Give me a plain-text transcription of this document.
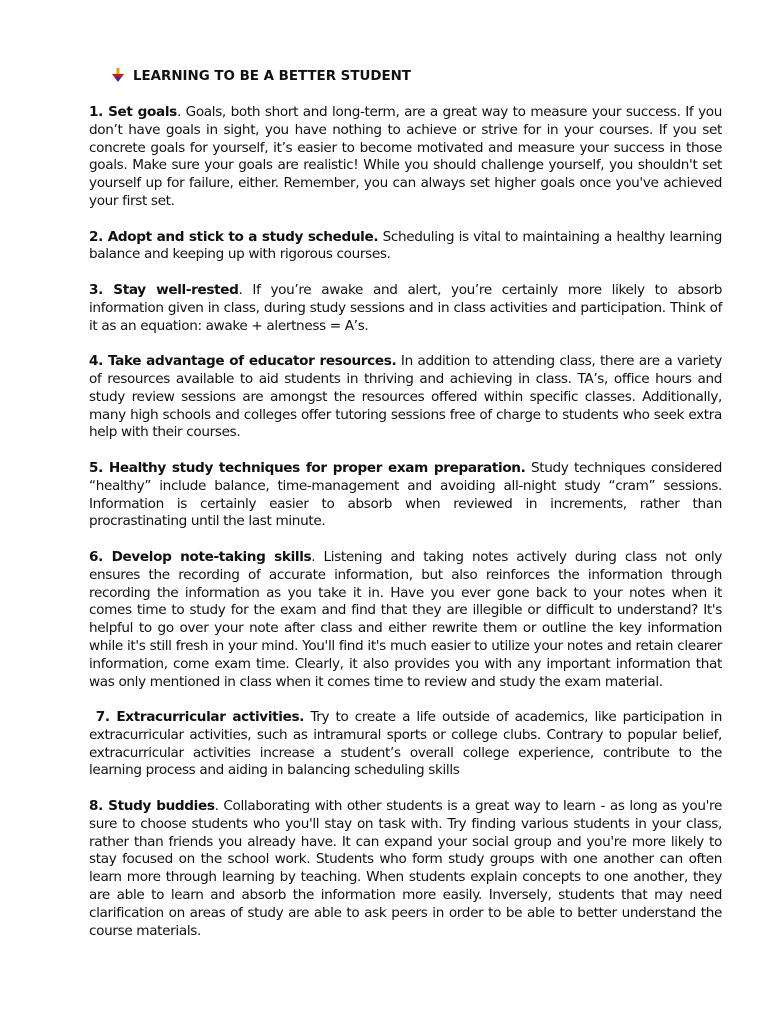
LEARNING TO BE A BETTER STUDENT

1. Set goals. Goals, both short and long-term, are a great way to measure your success. If you don’t have goals in sight, you have nothing to achieve or strive for in your courses. If you set concrete goals for yourself, it’s easier to become motivated and measure your success in those goals. Make sure your goals are realistic! While you should challenge yourself, you shouldn't set yourself up for failure, either. Remember, you can always set higher goals once you've achieved your first set.

2. Adopt and stick to a study schedule. Scheduling is vital to maintaining a healthy learning balance and keeping up with rigorous courses.

3. Stay well-rested. If you’re awake and alert, you’re certainly more likely to absorb information given in class, during study sessions and in class activities and participation. Think of it as an equation: awake + alertness = A’s.

4. Take advantage of educator resources. In addition to attending class, there are a variety of resources available to aid students in thriving and achieving in class. TA’s, office hours and study review sessions are amongst the resources offered within specific classes. Additionally, many high schools and colleges offer tutoring sessions free of charge to students who seek extra help with their courses.

5. Healthy study techniques for proper exam preparation. Study techniques considered “healthy” include balance, time-management and avoiding all-night study “cram” sessions. Information is certainly easier to absorb when reviewed in increments, rather than procrastinating until the last minute.

6. Develop note-taking skills. Listening and taking notes actively during class not only ensures the recording of accurate information, but also reinforces the information through recording the information as you take it in. Have you ever gone back to your notes when it comes time to study for the exam and find that they are illegible or difficult to understand? It's helpful to go over your note after class and either rewrite them or outline the key information while it's still fresh in your mind. You'll find it's much easier to utilize your notes and retain clearer information, come exam time. Clearly, it also provides you with any important information that was only mentioned in class when it comes time to review and study the exam material.

7. Extracurricular activities. Try to create a life outside of academics, like participation in extracurricular activities, such as intramural sports or college clubs. Contrary to popular belief, extracurricular activities increase a student’s overall college experience, contribute to the learning process and aiding in balancing scheduling skills

8. Study buddies. Collaborating with other students is a great way to learn - as long as you're sure to choose students who you'll stay on task with. Try finding various students in your class, rather than friends you already have. It can expand your social group and you're more likely to stay focused on the school work. Students who form study groups with one another can often learn more through learning by teaching. When students explain concepts to one another, they are able to learn and absorb the information more easily. Inversely, students that may need clarification on areas of study are able to ask peers in order to be able to better understand the course materials.
